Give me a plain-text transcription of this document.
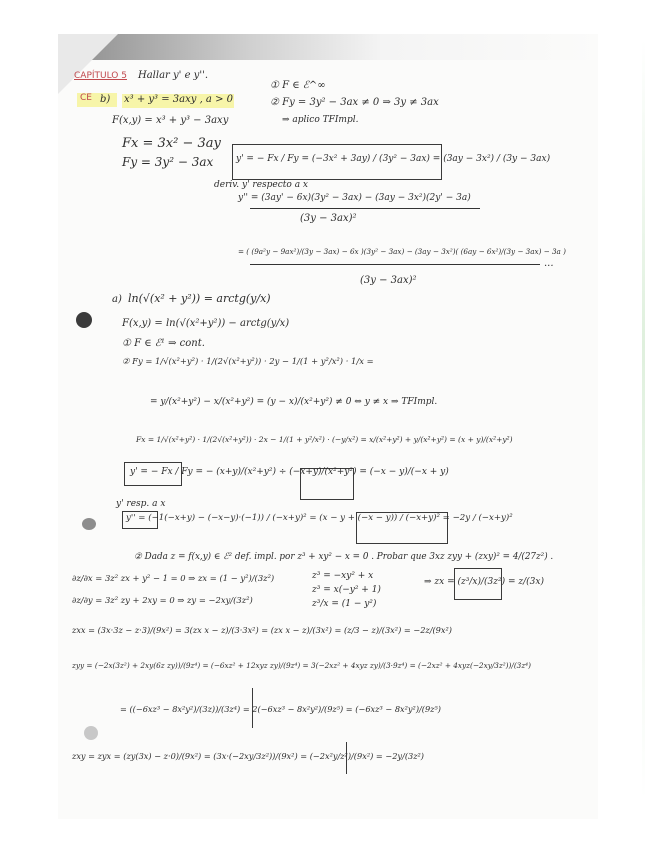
CE
CAPÍTULO 5 Hallar y' e y''.
b) x³ + y³ = 3axy , a > 0
F(x,y) = x³ + y³ − 3axy
Fx = 3x² − 3ay
Fy = 3y² − 3ax
① F ∈ ℰ^∞
② Fy = 3y² − 3ax ≠ 0 ⇒ 3y ≠ 3ax
⇒ aplico TFImpl.
y' = − Fx / Fy = (−3x² + 3ay) / (3y² − 3ax) = (3ay − 3x²) / (3y − 3ax)
deriv. y' respecto a x
y'' = (3ay' − 6x)(3y² − 3ax) − (3ay − 3x²)(2y' − 3a)
(3y − 3ax)²
= ( (9a²y − 9ax²)/(3y − 3ax) − 6x )(3y² − 3ax) − (3ay − 3x²)( (6ay − 6x²)/(3y − 3ax) − 3a )
(3y − 3ax)²
...
a) ln(√(x² + y²)) = arctg(y/x)
F(x,y) = ln(√(x²+y²)) − arctg(y/x)
① F ∈ ℰ¹ ⇒ cont.
② Fy = 1/√(x²+y²) · 1/(2√(x²+y²)) · 2y − 1/(1 + y²/x²) · 1/x =
= y/(x²+y²) − x/(x²+y²) = (y − x)/(x²+y²) ≠ 0 ⇔ y ≠ x ⇒ TFImpl.
Fx = 1/√(x²+y²) · 1/(2√(x²+y²)) · 2x − 1/(1 + y²/x²) · (−y/x²) = x/(x²+y²) + y/(x²+y²) = (x + y)/(x²+y²)
y' = − Fx / Fy = − (x+y)/(x²+y²) ÷ (−x+y)/(x²+y²) = (−x − y)/(−x + y)
y' resp. a x
y'' = (−1(−x+y) − (−x−y)·(−1)) / (−x+y)² = (x − y + (−x − y)) / (−x+y)² = −2y / (−x+y)²
② Dada z = f(x,y) ∈ ℰ² def. impl. por z³ + xy² − x = 0 . Probar que 3xz zyy + (zxy)² = 4/(27z²) .
∂z/∂x = 3z² zx + y² − 1 = 0 ⇒ zx = (1 − y²)/(3z²)
∂z/∂y = 3z² zy + 2xy = 0 ⇒ zy = −2xy/(3z²)
z³ = −xy² + x
z³ = x(−y² + 1)
z³/x = (1 − y²)
⇒ zx = (z³/x)/(3z²) = z/(3x)
zxx = (3x·3z − z·3)/(9x²) = 3(zx x − z)/(3·3x²) = (zx x − z)/(3x²) = (z/3 − z)/(3x²) = −2z/(9x²)
zyy = (−2x(3z²) + 2xy(6z zy))/(9z⁴) = (−6xz² + 12xyz zy)/(9z⁴) = 3(−2xz² + 4xyz zy)/(3·9z⁴) = (−2xz² + 4xyz(−2xy/3z²))/(3z⁴)
= ((−6xz³ − 8x²y²)/(3z))/(3z⁴) = 2(−6xz³ − 8x²y²)/(9z⁵) = (−6xz³ − 8x²y²)/(9z⁵)
zxy = zyx = (zy(3x) − z·0)/(9x²) = (3x·(−2xy/3z²))/(9x²) = (−2x²y/z²)/(9x²) = −2y/(3z²)
